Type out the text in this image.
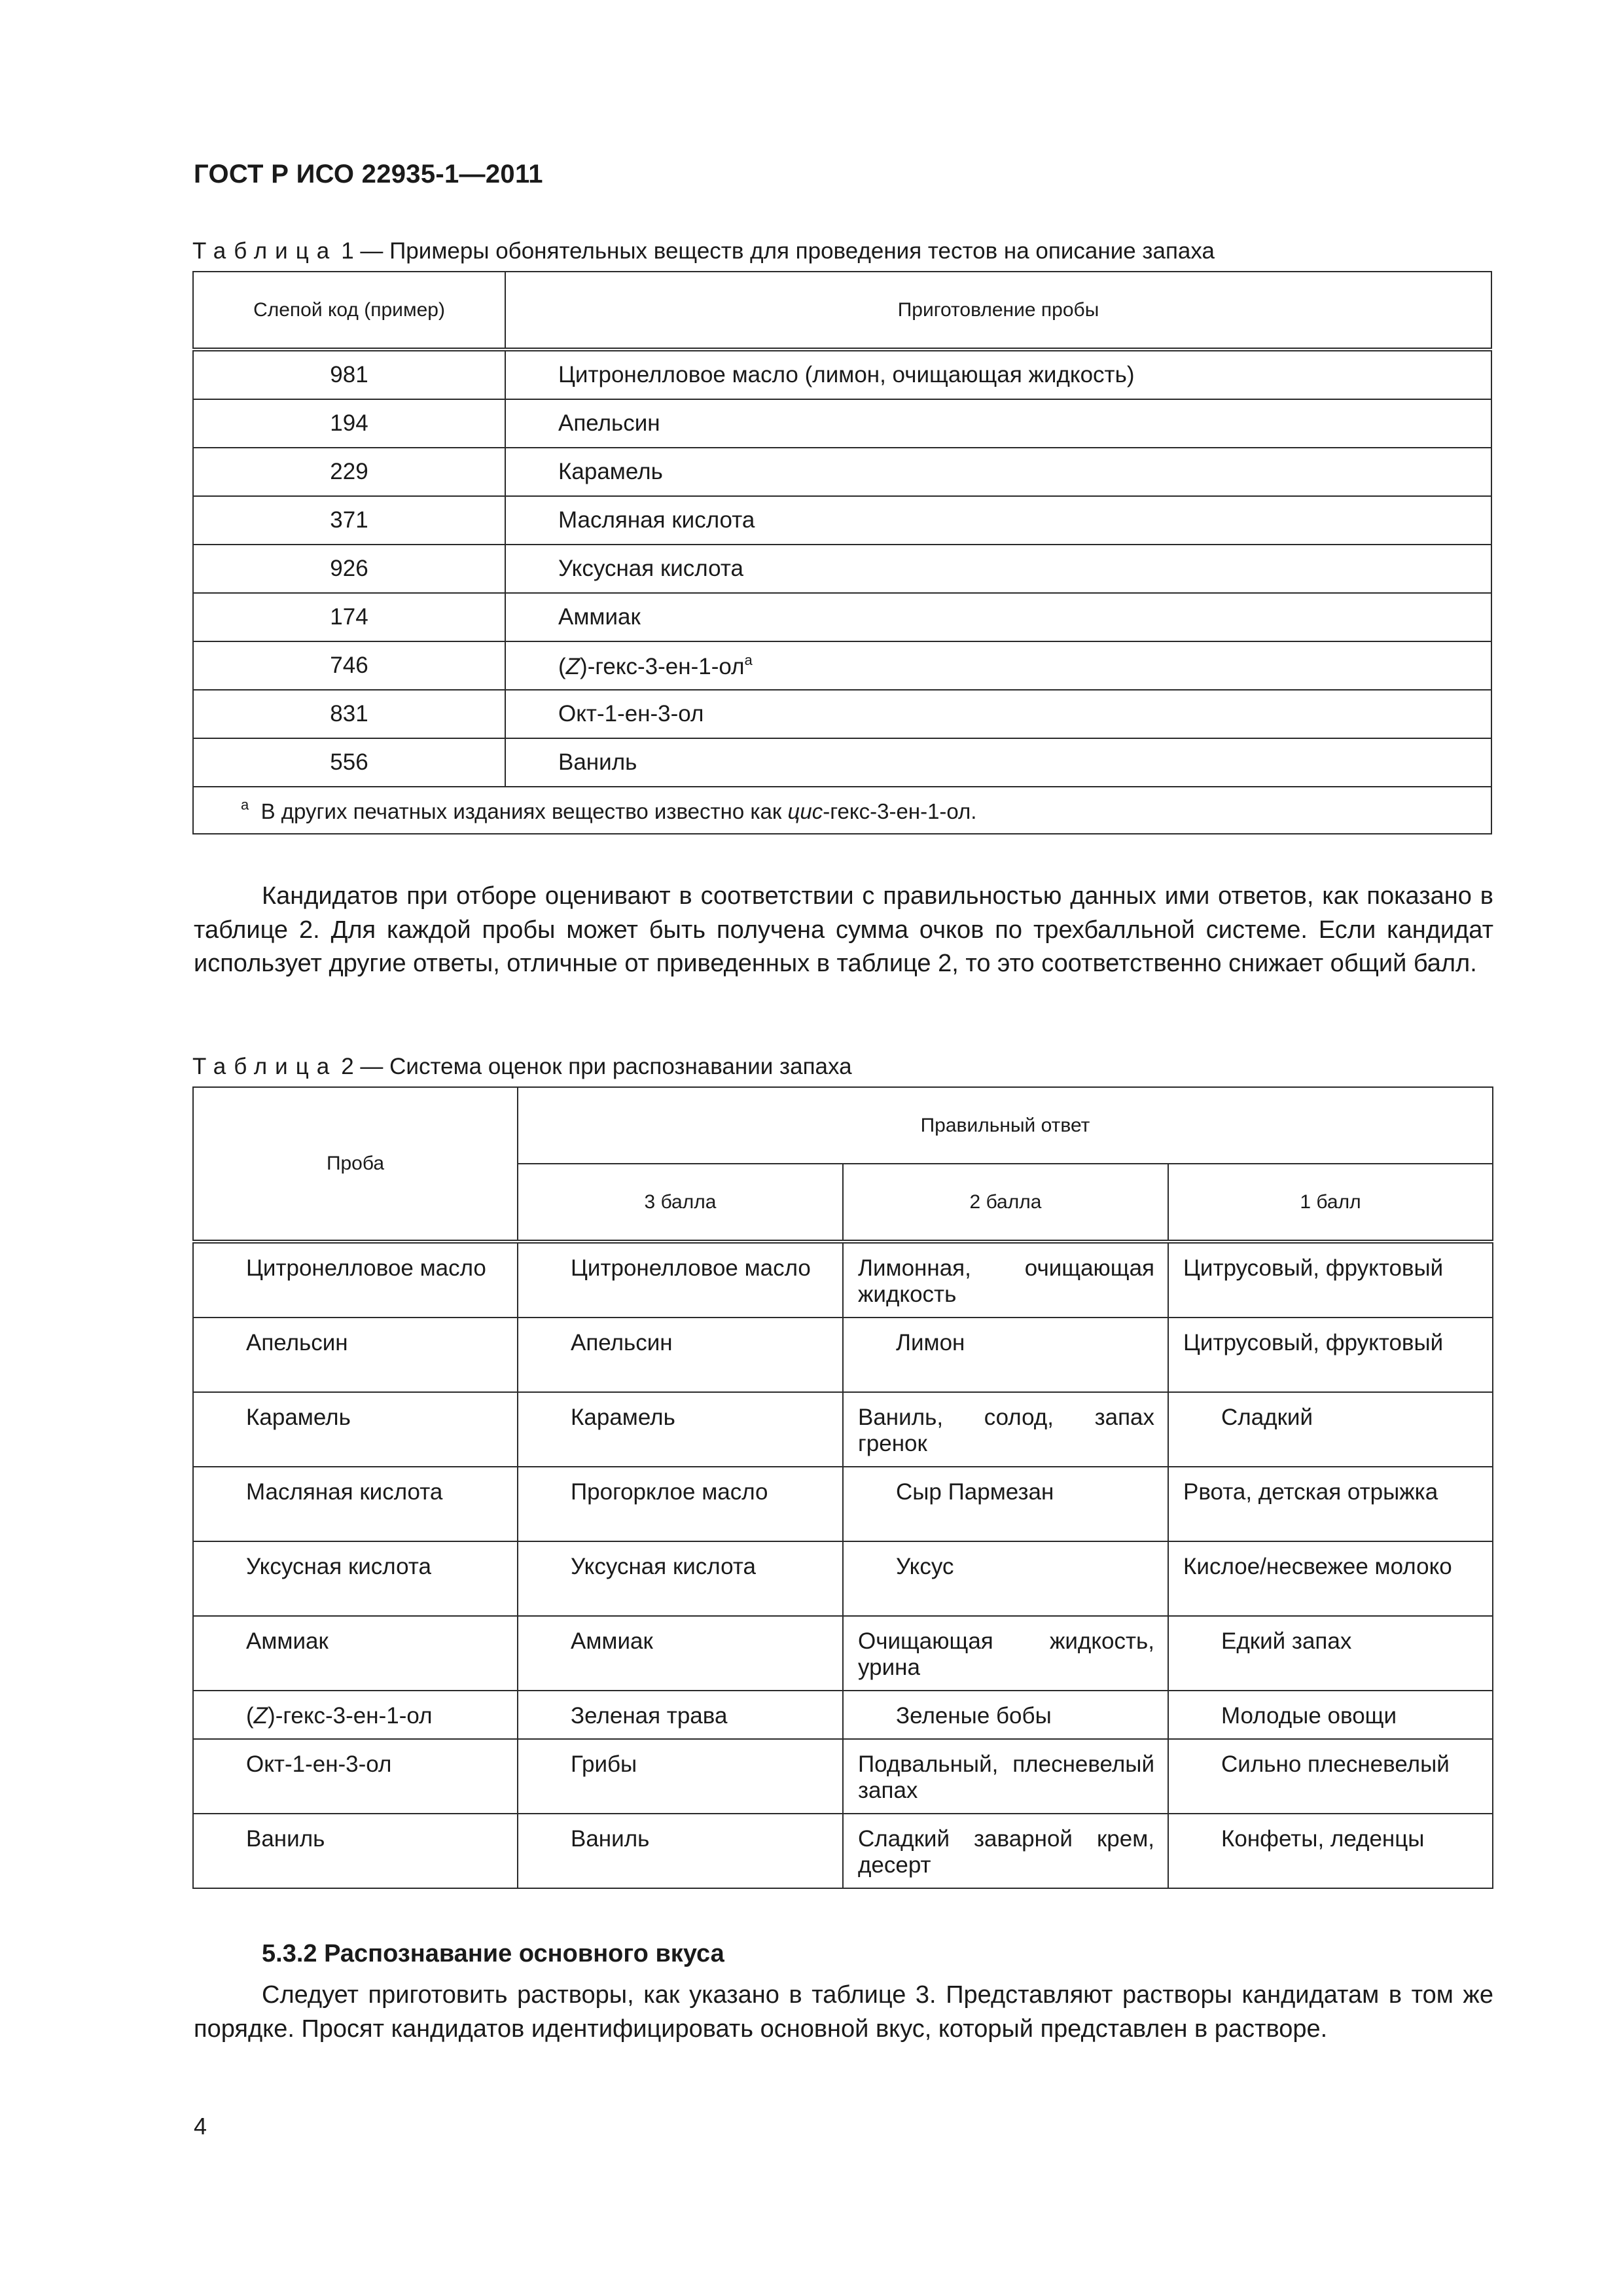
ГОСТ Р ИСО 22935-1—2011
Таблица 1 — Примеры обонятельных веществ для проведения тестов на описание запаха
Слепой код (пример)	Приготовление пробы
981	Цитронелловое масло (лимон, очищающая жидкость)
194	Апельсин
229	Карамель
371	Масляная кислота
926	Уксусная кислота
174	Аммиак
746	$(Z)-гекс-3-ен-1-ол^a$
831	Окт-1-ен-3-ол
556	Ваниль
$^a$ В других печатных изданиях вещество известно как цис-гекс-3-ен-1-ол.	

Кандидатов при отборе оценивают в соответствии с правильностью данных ими ответов, как показано в таблице 2. Для каждой пробы может быть получена сумма очков по трехбалльной системе. Если кандидат использует другие ответы, отличные от приведенных в таблице 2, то это соответственно снижает общий балл.

Таблица 2 — Система оценок при распознавании запаха
Проба	Правильный ответ		
	3 балла	2 балла	1 балл

Цитронелловое масло	Цитронелловое масло	Лимонная, очищающая жидкость	Цитрусовый, фруктовый

Апельсин	Апельсин	Лимон	Цитрусовый, фруктовый

Карамель	Карамель	Ваниль, солод, запах гренок	Сладкий

Масляная кислота	Прогорклое масло	Сыр Пармезан	Рвота, детская отрыжка

Уксусная кислота	Уксусная кислота	Уксус	Кислое/несвежее молоко

Аммиак	Аммиак	Очищающая жидкость, урина	Едкий запах

(Z)-гекс-3-ен-1-ол	Зеленая трава	Зеленые бобы	Молодые овощи

Окт-1-ен-3-ол	Грибы	Подвальный, плесневелый запах	Сильно плесневелый

Ваниль	Ваниль	Сладкий заварной крем, десерт	Конфеты, леденцы
5.3.2 Распознавание основного вкуса

Следует приготовить растворы, как указано в таблице 3. Представляют растворы кандидатам в том же порядке. Просят кандидатов идентифицировать основной вкус, который представлен в растворе.

4
